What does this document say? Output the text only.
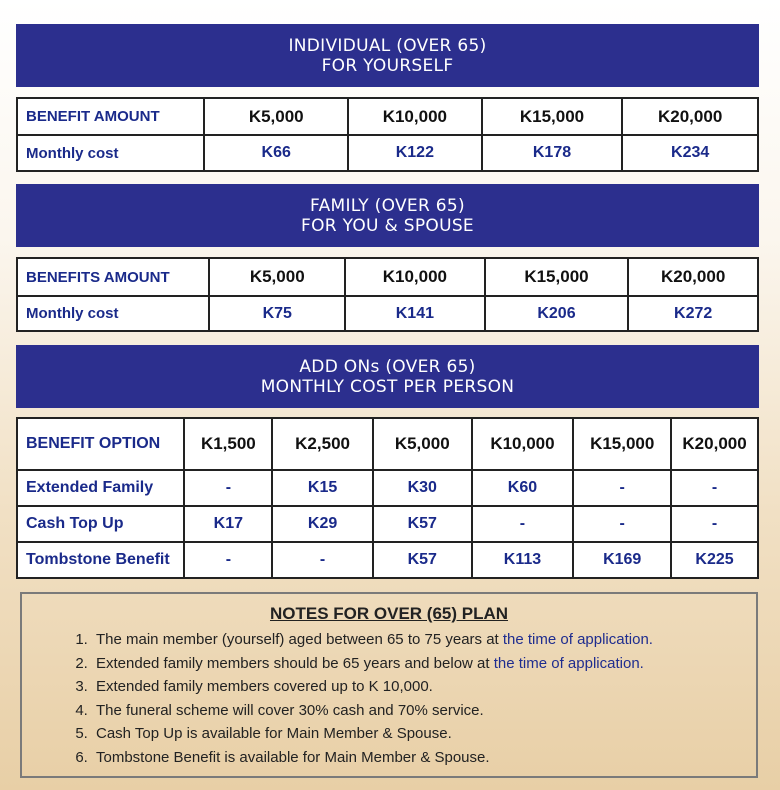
INDIVIDUAL (OVER 65)
FOR YOURSELF
BENEFIT AMOUNT	K5,000	K10,000	K15,000	K20,000
Monthly cost	K66	K122	K178	K234
FAMILY (OVER 65)
FOR YOU & SPOUSE
BENEFITS AMOUNT	K5,000	K10,000	K15,000	K20,000
Monthly cost	K75	K141	K206	K272
ADD ONs (OVER 65)
MONTHLY COST PER PERSON
BENEFIT OPTION	K1,500	K2,500	K5,000	K10,000	K15,000	K20,000
Extended Family	-	K15	K30	K60	-	-
Cash Top Up	K17	K29	K57	-	-	-
Tombstone Benefit	-	-	K57	K113	K169	K225
NOTES FOR OVER (65) PLAN
1. The main member (yourself) aged between 65 to 75 years at the time of application.
2. Extended family members should be 65 years and below at the time of application.
3. Extended family members covered up to K 10,000.
4. The funeral scheme will cover 30% cash and 70% service.
5. Cash Top Up is available for Main Member & Spouse.
6. Tombstone Benefit is available for Main Member & Spouse.
